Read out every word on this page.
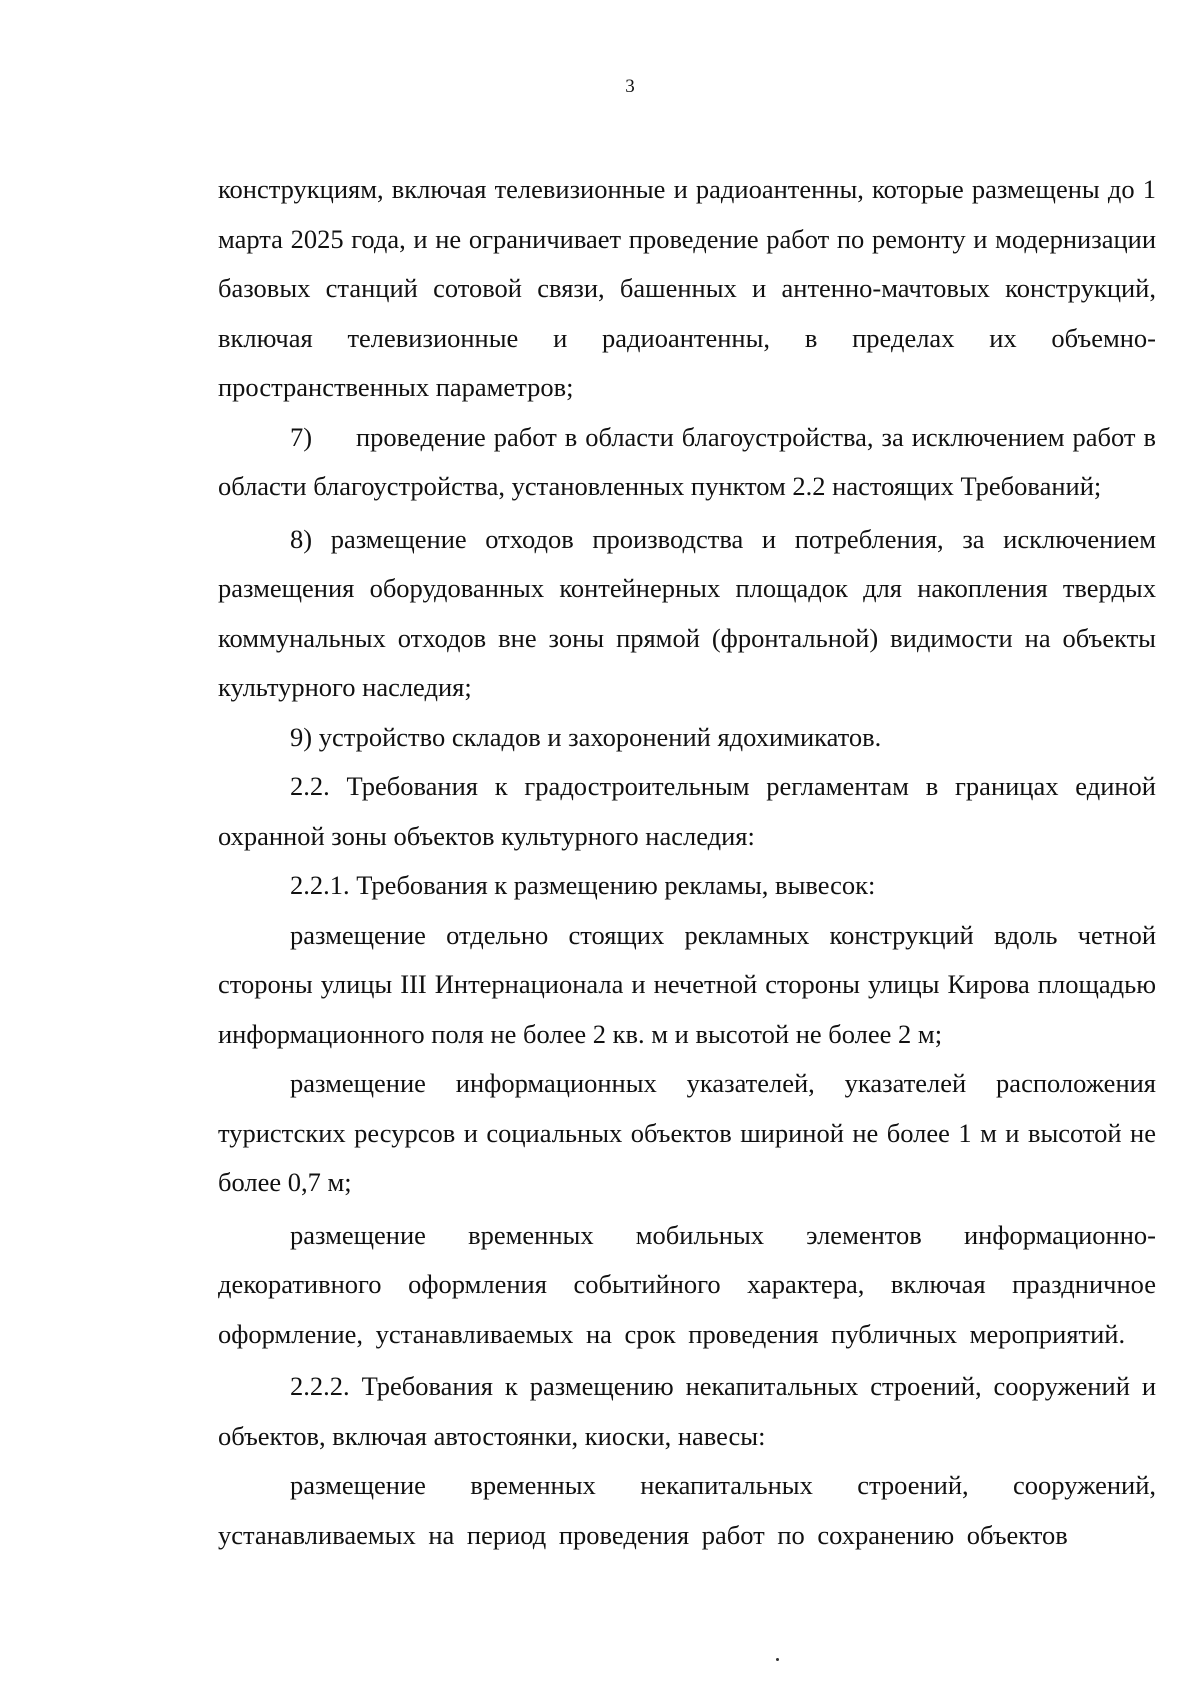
3

конструкциям, включая телевизионные и радиоантенны, которые размещены до 1 марта 2025 года, и не ограничивает проведение работ по ремонту и модернизации базовых станций сотовой связи, башенных и антенно-мачтовых конструкций, включая телевизионные и радиоантенны, в пределах их объемно-пространственных параметров;

7) проведение работ в области благоустройства, за исключением работ в области благоустройства, установленных пунктом 2.2 настоящих Требований;

8) размещение отходов производства и потребления, за исключением размещения оборудованных контейнерных площадок для накопления твердых коммунальных отходов вне зоны прямой (фронтальной) видимости на объекты культурного наследия;

9) устройство складов и захоронений ядохимикатов.

2.2. Требования к градостроительным регламентам в границах единой охранной зоны объектов культурного наследия:

2.2.1. Требования к размещению рекламы, вывесок:

размещение отдельно стоящих рекламных конструкций вдоль четной стороны улицы III Интернационала и нечетной стороны улицы Кирова площадью информационного поля не более 2 кв. м и высотой не более 2 м;

размещение информационных указателей, указателей расположения туристских ресурсов и социальных объектов шириной не более 1 м и высотой не более 0,7 м;

размещение временных мобильных элементов информационно-декоративного оформления событийного характера, включая праздничное оформление, устанавливаемых на срок проведения публичных мероприятий.

2.2.2. Требования к размещению некапитальных строений, сооружений и объектов, включая автостоянки, киоски, навесы:

размещение временных некапитальных строений, сооружений, устанавливаемых на период проведения работ по сохранению объектов
